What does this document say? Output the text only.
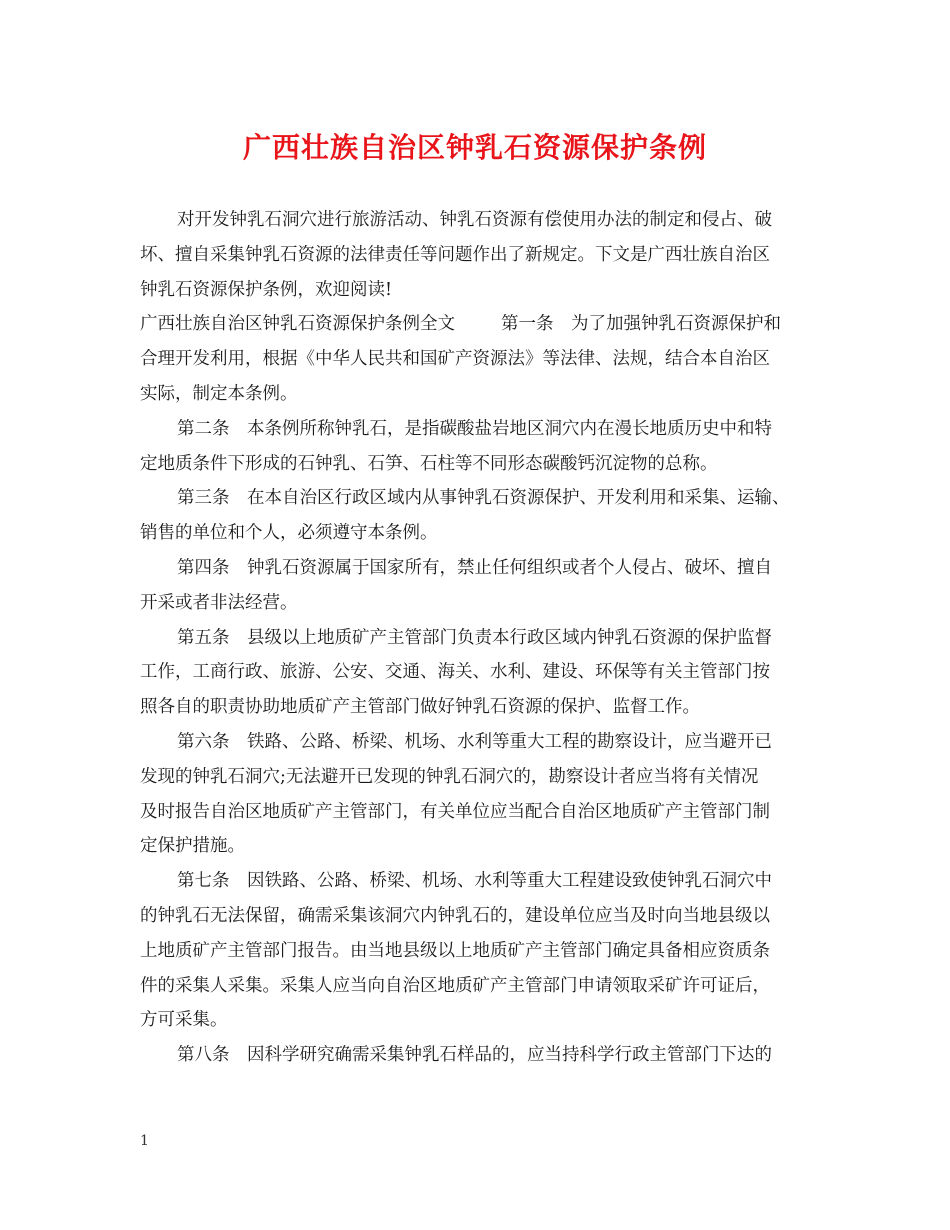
广西壮族自治区钟乳石资源保护条例
对开发钟乳石洞穴进行旅游活动、钟乳石资源有偿使用办法的制定和侵占、破
坏、擅自采集钟乳石资源的法律责任等问题作出了新规定。下文是广西壮族自治区
钟乳石资源保护条例，欢迎阅读!
广西壮族自治区钟乳石资源保护条例全文	第一条　为了加强钟乳石资源保护和
合理开发利用，根据《中华人民共和国矿产资源法》等法律、法规，结合本自治区
实际，制定本条例。
第二条　本条例所称钟乳石，是指碳酸盐岩地区洞穴内在漫长地质历史中和特
定地质条件下形成的石钟乳、石笋、石柱等不同形态碳酸钙沉淀物的总称。
第三条　在本自治区行政区域内从事钟乳石资源保护、开发利用和采集、运输、
销售的单位和个人，必须遵守本条例。
第四条　钟乳石资源属于国家所有，禁止任何组织或者个人侵占、破坏、擅自
开采或者非法经营。
第五条　县级以上地质矿产主管部门负责本行政区域内钟乳石资源的保护监督
工作，工商行政、旅游、公安、交通、海关、水利、建设、环保等有关主管部门按
照各自的职责协助地质矿产主管部门做好钟乳石资源的保护、监督工作。
第六条　铁路、公路、桥梁、机场、水利等重大工程的勘察设计，应当避开已
发现的钟乳石洞穴;无法避开已发现的钟乳石洞穴的，勘察设计者应当将有关情况
及时报告自治区地质矿产主管部门，有关单位应当配合自治区地质矿产主管部门制
定保护措施。
第七条　因铁路、公路、桥梁、机场、水利等重大工程建设致使钟乳石洞穴中
的钟乳石无法保留，确需采集该洞穴内钟乳石的，建设单位应当及时向当地县级以
上地质矿产主管部门报告。由当地县级以上地质矿产主管部门确定具备相应资质条
件的采集人采集。采集人应当向自治区地质矿产主管部门申请领取采矿许可证后，
方可采集。
第八条　因科学研究确需采集钟乳石样品的，应当持科学行政主管部门下达的
1
